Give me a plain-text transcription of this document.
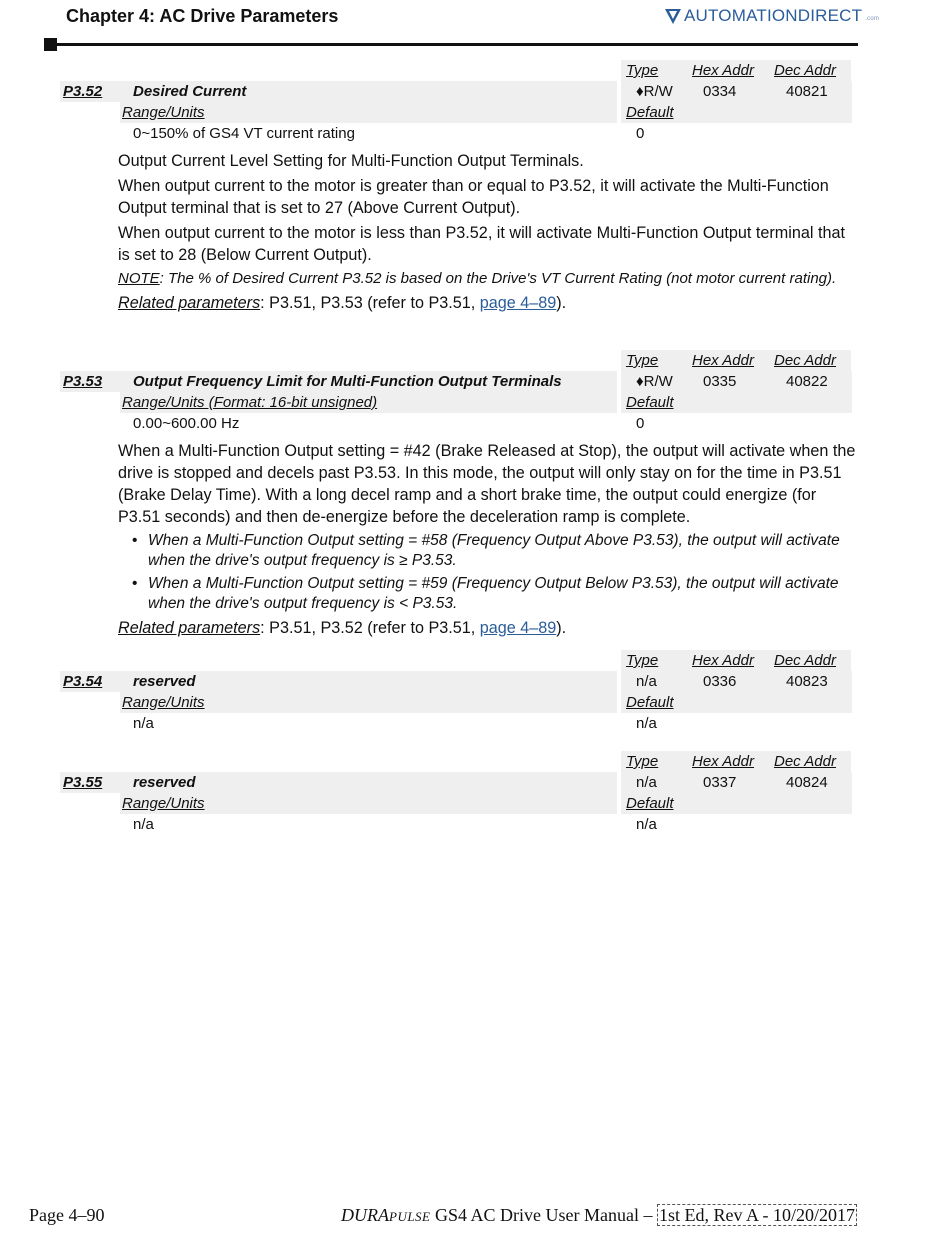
Chapter 4: AC Drive Parameters	AUTOMATIONDIRECT .com
Type Hex Addr Dec Addr
P3.52 Desired Current	♦R/W 0334	40821
Range/Units	Default
0~150% of GS4 VT current rating	0

Output Current Level Setting for Multi-Function Output Terminals.

When output current to the motor is greater than or equal to P3.52, it will activate the Multi-Function Output terminal that is set to 27 (Above Current Output).

When output current to the motor is less than P3.52, it will activate Multi-Function Output terminal that is set to 28 (Below Current Output).

NOTE: The % of Desired Current P3.52 is based on the Drive's VT Current Rating (not motor current rating).

Related parameters: P3.51, P3.53 (refer to P3.51, page 4–89).

Type Hex Addr Dec Addr
P3.53 Output Frequency Limit for Multi-Function Output Terminals	♦R/W 0335	40822
Range/Units (Format: 16-bit unsigned)	Default
0.00~600.00 Hz	0

When a Multi-Function Output setting = #42 (Brake Released at Stop), the output will activate when the drive is stopped and decels past P3.53. In this mode, the output will only stay on for the time in P3.51 (Brake Delay Time). With a long decel ramp and a short brake time, the output could energize (for P3.51 seconds) and then de-energize before the deceleration ramp is complete.

• When a Multi-Function Output setting = #58 (Frequency Output Above P3.53), the output will activate when the drive's output frequency is ≥ P3.53.
• When a Multi-Function Output setting = #59 (Frequency Output Below P3.53), the output will activate when the drive's output frequency is < P3.53.

Related parameters: P3.51, P3.52 (refer to P3.51, page 4–89).

Type Hex Addr Dec Addr
P3.54 reserved	n/a	0336	40823
Range/Units	Default
n/a	n/a
Type Hex Addr Dec Addr
P3.55 reserved	n/a	0337	40824
Range/Units	Default
n/a	n/a
Page 4–90	DURAPULSE GS4 AC Drive User Manual – 1st Ed, Rev A - 10/20/2017
